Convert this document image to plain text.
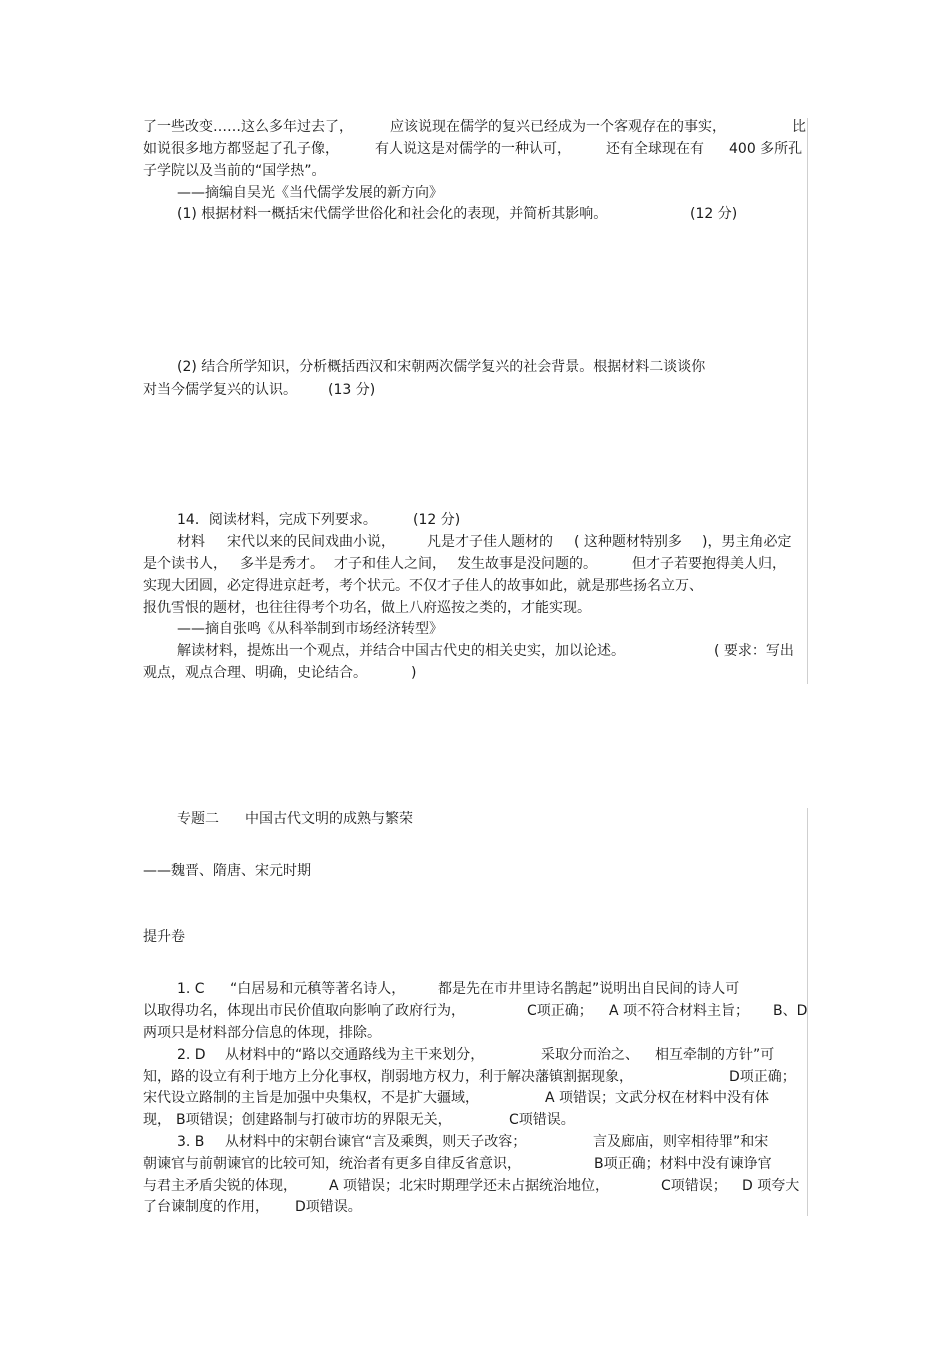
了一些改变……这么多年过去了，	应该说现在儒学的复兴已经成为一个客观存在的事实，	比
如说很多地方都竖起了孔子像，	有人说这是对儒学的一种认可，	还有全球现在有 400 多所孔
子学院以及当前的“国学热”。
——摘编自吴光《当代儒学发展的新方向》
(1) 根据材料一概括宋代儒学世俗化和社会化的表现，并简析其影响。	(12 分)
(2) 结合所学知识，分析概括西汉和宋朝两次儒学复兴的社会背景。根据材料二谈谈你
对当今儒学复兴的认识。 (13 分)
14．阅读材料，完成下列要求。	(12 分)
材料 宋代以来的民间戏曲小说， 凡是才子佳人题材的 ( 这种题材特别多 )，男主角必定
是个读书人， 多半是秀才。 才子和佳人之间， 发生故事是没问题的。	但才子若要抱得美人归，
实现大团圆，必定得进京赶考，考个状元。不仅才子佳人的故事如此，就是那些扬名立万、
报仇雪恨的题材，也往往得考个功名，做上八府巡按之类的，才能实现。
——摘自张鸣《从科举制到市场经济转型》
解读材料，提炼出一个观点，并结合中国古代史的相关史实，加以论述。	( 要求：写出
观点，观点合理、明确，史论结合。	)
专题二 中国古代文明的成熟与繁荣
——魏晋、隋唐、宋元时期
提升卷
1. C “白居易和元稹等著名诗人， 都是先在市井里诗名鹊起”说明出自民间的诗人可
以取得功名，体现出市民价值取向影响了政府行为，	C项正确； A 项不符合材料主旨； B、D
两项只是材料部分信息的体现，排除。
2. D 从材料中的“路以交通路线为主干来划分，	采取分而治之、 相互牵制的方针”可
知，路的设立有利于地方上分化事权，削弱地方权力，利于解决藩镇割据现象，	D项正确；
宋代设立路制的主旨是加强中央集权，不是扩大疆域，	A 项错误；文武分权在材料中没有体
现， B项错误；创建路制与打破市坊的界限无关，	C项错误。
3. B 从材料中的宋朝台谏官“言及乘舆，则天子改容；	言及廊庙，则宰相待罪”和宋
朝谏官与前朝谏官的比较可知，统治者有更多自律反省意识，	B项正确；材料中没有谏诤官
与君主矛盾尖锐的体现， A 项错误；北宋时期理学还未占据统治地位，	C项错误； D 项夸大
了台谏制度的作用， D项错误。
